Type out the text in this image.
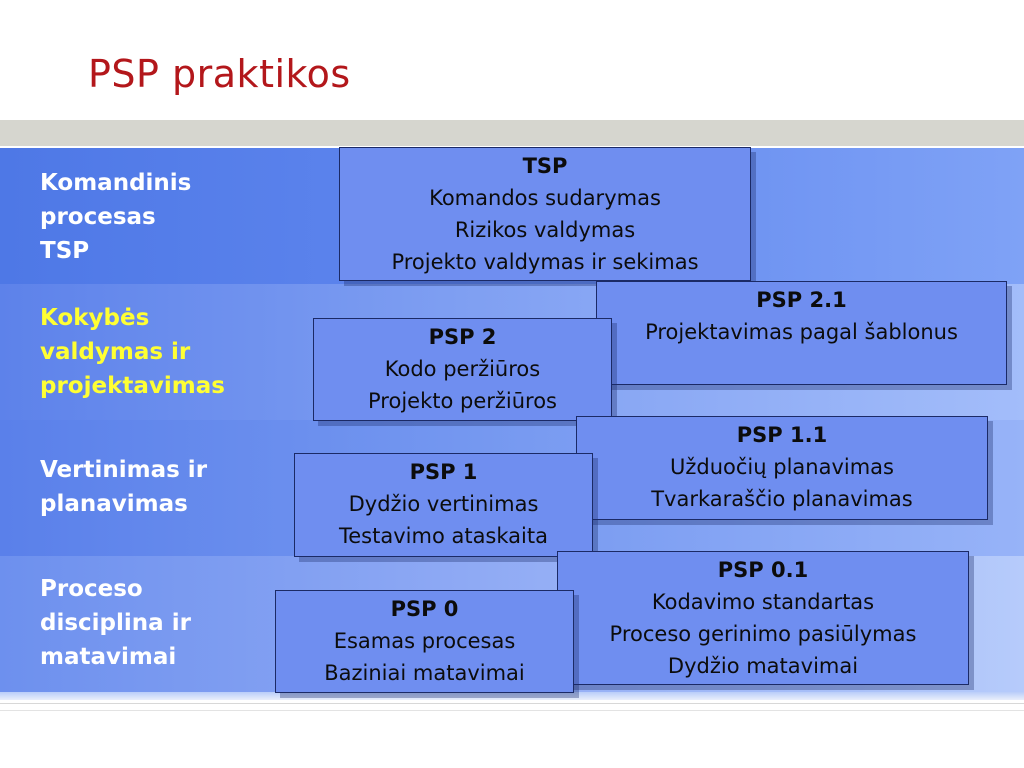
PSP praktikos
Komandinis
procesas
TSP
Kokybės
valdymas ir
projektavimas
Vertinimas ir
planavimas
Proceso
disciplina ir
matavimai
TSP
Komandos sudarymas
Rizikos valdymas
Projekto valdymas ir sekimas
PSP 2.1
Projektavimas pagal šablonus
PSP 2
Kodo peržiūros
Projekto peržiūros
PSP 1.1
Užduočių planavimas
Tvarkaraščio planavimas
PSP 1
Dydžio vertinimas
Testavimo ataskaita
PSP 0.1
Kodavimo standartas
Proceso gerinimo pasiūlymas
Dydžio matavimai
PSP 0
Esamas procesas
Baziniai matavimai
